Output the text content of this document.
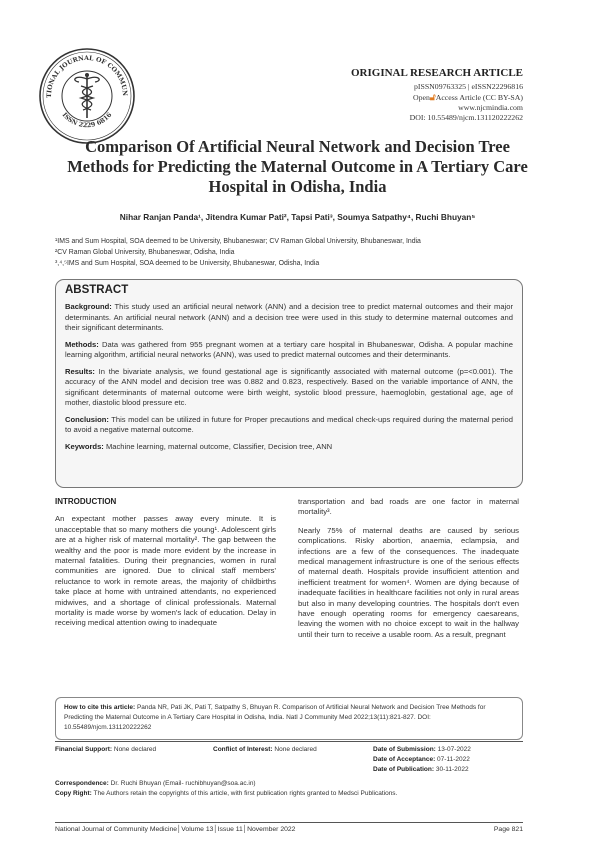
TIONAL JOURNAL OF COMMUN
ISSN 2229 6816
ORIGINAL RESEARCH ARTICLE
pISSN09763325 | eISSN22296816
Open🔓︎Access Article (CC BY-SA)
www.njcmindia.com
DOI: 10.55489/njcm.131120222262
Comparison Of Artificial Neural Network and Decision Tree Methods for Predicting the Maternal Outcome in A Tertiary Care Hospital in Odisha, India
Nihar Ranjan Panda¹, Jitendra Kumar Pati², Tapsi Pati³, Soumya Satpathy⁴, Ruchi Bhuyan⁵
¹IMS and Sum Hospital, SOA deemed to be University, Bhubaneswar; CV Raman Global University, Bhubaneswar, India
²CV Raman Global University, Bhubaneswar, Odisha, India
³,⁴,⁵IMS and Sum Hospital, SOA deemed to be University, Bhubaneswar, Odisha, India
ABSTRACT

Background: This study used an artificial neural network (ANN) and a decision tree to predict maternal outcomes and their major determinants. An artificial neural network (ANN) and a decision tree were used in this study to determine maternal outcomes and their significant determinants.

Methods: Data was gathered from 955 pregnant women at a tertiary care hospital in Bhubaneswar, Odisha. A popular machine learning algorithm, artificial neural networks (ANN), was used to predict maternal outcomes and their determinants.

Results: In the bivariate analysis, we found gestational age is significantly associated with maternal outcome (p=<0.001). The accuracy of the ANN model and decision tree was 0.882 and 0.823, respectively. Based on the variable importance of ANN, the significant determinants of maternal outcome were birth weight, systolic blood pressure, haemoglobin, gestational age, age of mother, diastolic blood pressure etc.

Conclusion: This model can be utilized in future for Proper precautions and medical check-ups required during the maternal period to avoid a negative maternal outcome.

Keywords: Machine learning, maternal outcome, Classifier, Decision tree, ANN

INTRODUCTION

An expectant mother passes away every minute. It is unacceptable that so many mothers die young¹. Adolescent girls are at a higher risk of maternal mortality². The gap between the wealthy and the poor is made more evident by the increase in maternal fatalities. During their pregnancies, women in rural communities are ignored. Due to clinical staff members' reluctance to work in remote areas, the majority of childbirths take place at home with untrained attendants, no experienced midwives, and a shortage of clinical professionals. Maternal mortality is made worse by women's lack of education. Delay in receiving medical attention owing to inadequate

transportation and bad roads are one factor in maternal mortality³.

Nearly 75% of maternal deaths are caused by serious complications. Risky abortion, anaemia, eclampsia, and infections are a few of the consequences. The inadequate medical management infrastructure is one of the serious effects of maternal death. Hospitals provide insufficient attention and inefficient treatment for women⁴. Women are dying because of inadequate facilities in healthcare facilities not only in rural areas but also in many developing countries. The hospitals don't even have enough operating rooms for emergency caesareans, leaving the women with no choice except to wait in the hallway until their turn to receive a usable room. As a result, pregnant

How to cite this article: Panda NR, Pati JK, Pati T, Satpathy S, Bhuyan R. Comparison of Artificial Neural Network and Decision Tree Methods for Predicting the Maternal Outcome in A Tertiary Care Hospital in Odisha, India. Natl J Community Med 2022;13(11):821-827. DOI: 10.55489/njcm.131120222262
Financial Support: None declared	Conflict of Interest: None declared	Date of Submission: 13-07-2022
Date of Acceptance: 07-11-2022
Date of Publication: 30-11-2022
Correspondence: Dr. Ruchi Bhuyan (Email- ruchibhuyan@soa.ac.in)
Copy Right: The Authors retain the copyrights of this article, with first publication rights granted to Medsci Publications.
National Journal of Community Medicine│Volume 13│Issue 11│November 2022	Page 821
